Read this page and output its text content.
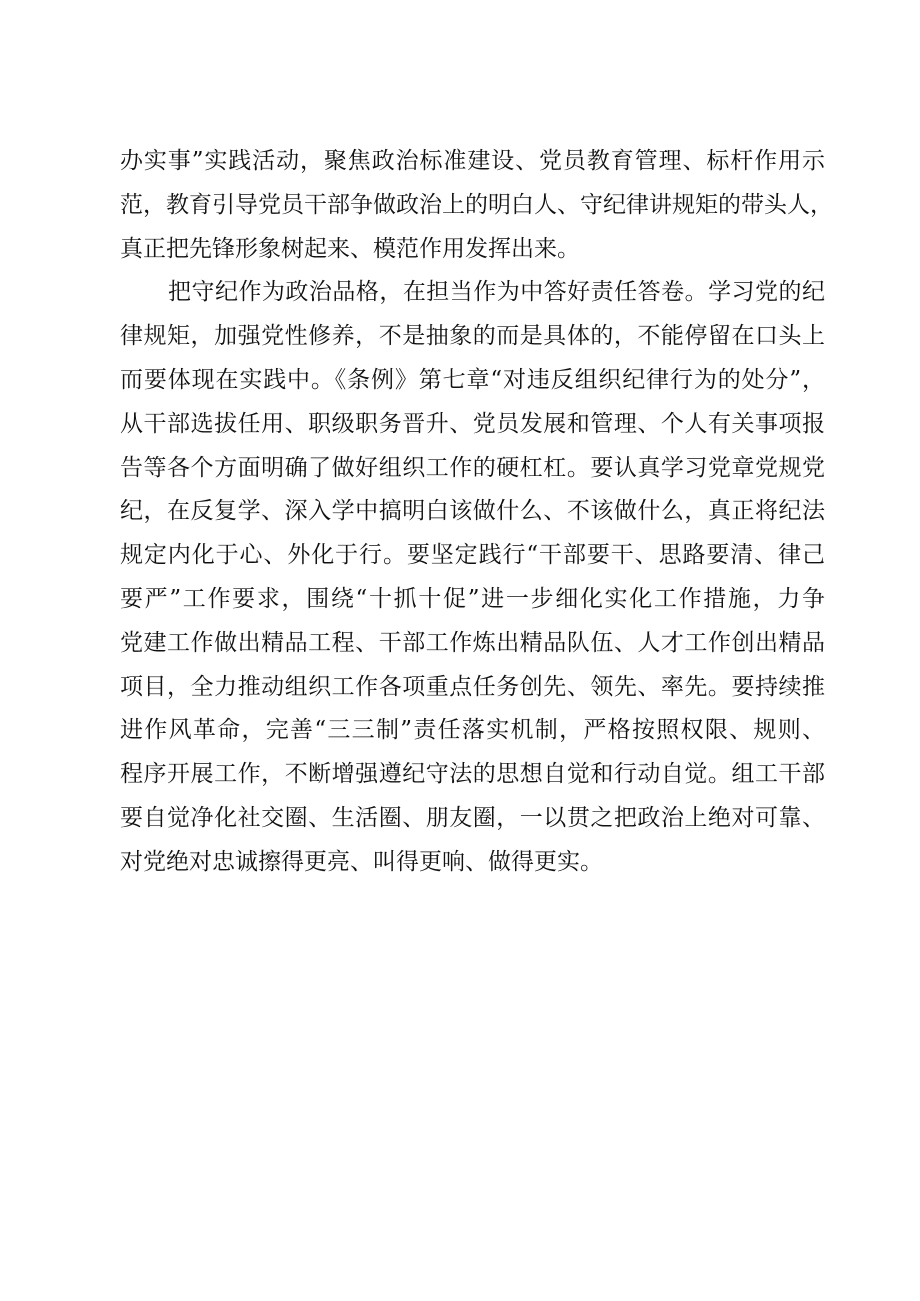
办实事”实践活动，聚焦政治标准建设、党员教育管理、标杆作用示
范，教育引导党员干部争做政治上的明白人、守纪律讲规矩的带头人，
真正把先锋形象树起来、模范作用发挥出来。
把守纪作为政治品格，在担当作为中答好责任答卷。学习党的纪
律规矩，加强党性修养，不是抽象的而是具体的，不能停留在口头上
而要体现在实践中。《条例》第七章“对违反组织纪律行为的处分”，
从干部选拔任用、职级职务晋升、党员发展和管理、个人有关事项报
告等各个方面明确了做好组织工作的硬杠杠。要认真学习党章党规党
纪，在反复学、深入学中搞明白该做什么、不该做什么，真正将纪法
规定内化于心、外化于行。要坚定践行“干部要干、思路要清、律己
要严”工作要求，围绕“十抓十促”进一步细化实化工作措施，力争
党建工作做出精品工程、干部工作炼出精品队伍、人才工作创出精品
项目，全力推动组织工作各项重点任务创先、领先、率先。要持续推
进作风革命，完善“三三制”责任落实机制，严格按照权限、规则、
程序开展工作，不断增强遵纪守法的思想自觉和行动自觉。组工干部
要自觉净化社交圈、生活圈、朋友圈，一以贯之把政治上绝对可靠、
对党绝对忠诚擦得更亮、叫得更响、做得更实。
